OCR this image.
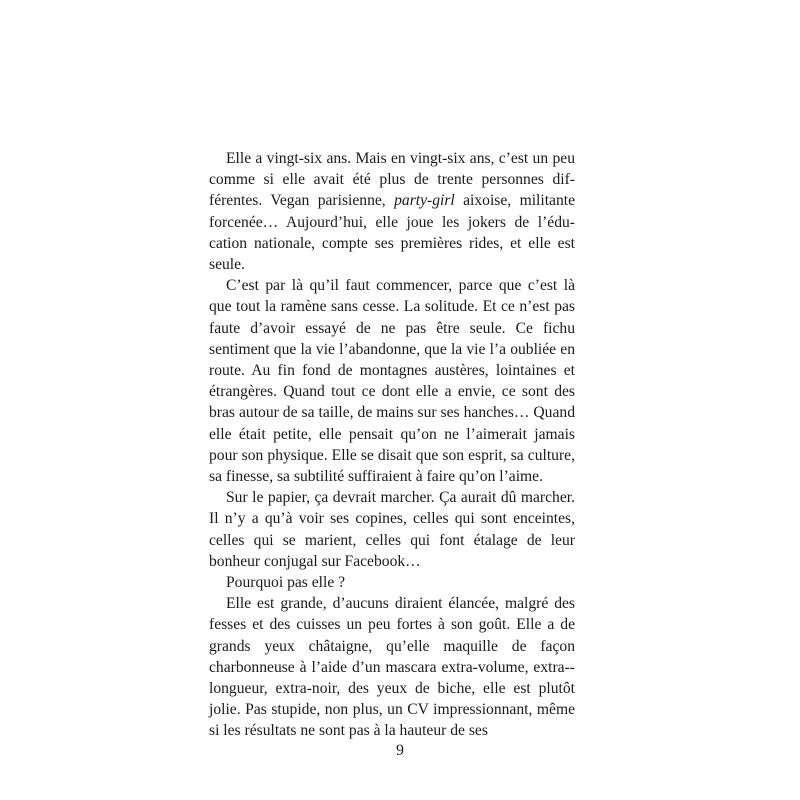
Elle a vingt-six ans. Mais en vingt-six ans, c’est un peu comme si elle avait été plus de trente personnes différentes. Vegan parisienne, party-girl aixoise, militante forcenée… Aujourd’hui, elle joue les jokers de l’éducation nationale, compte ses premières rides, et elle est seule.

C’est par là qu’il faut commencer, parce que c’est là que tout la ramène sans cesse. La solitude. Et ce n’est pas faute d’avoir essayé de ne pas être seule. Ce fichu sentiment que la vie l’abandonne, que la vie l’a oubliée en route. Au fin fond de montagnes austères, lointaines et étrangères. Quand tout ce dont elle a envie, ce sont des bras autour de sa taille, de mains sur ses hanches… Quand elle était petite, elle pensait qu’on ne l’aimerait jamais pour son physique. Elle se disait que son esprit, sa culture, sa finesse, sa subtilité suffiraient à faire qu’on l’aime.

Sur le papier, ça devrait marcher. Ça aurait dû marcher. Il n’y a qu’à voir ses copines, celles qui sont enceintes, celles qui se marient, celles qui font étalage de leur bonheur conjugal sur Facebook…

Pourquoi pas elle ?

Elle est grande, d’aucuns diraient élancée, malgré des fesses et des cuisses un peu fortes à son goût. Elle a de grands yeux châtaigne, qu’elle maquille de façon charbonneuse à l’aide d’un mascara extra-volume, extra-longueur, extra-noir, des yeux de biche, elle est plutôt jolie. Pas stupide, non plus, un CV impressionnant, même si les résultats ne sont pas à la hauteur de ses

9
